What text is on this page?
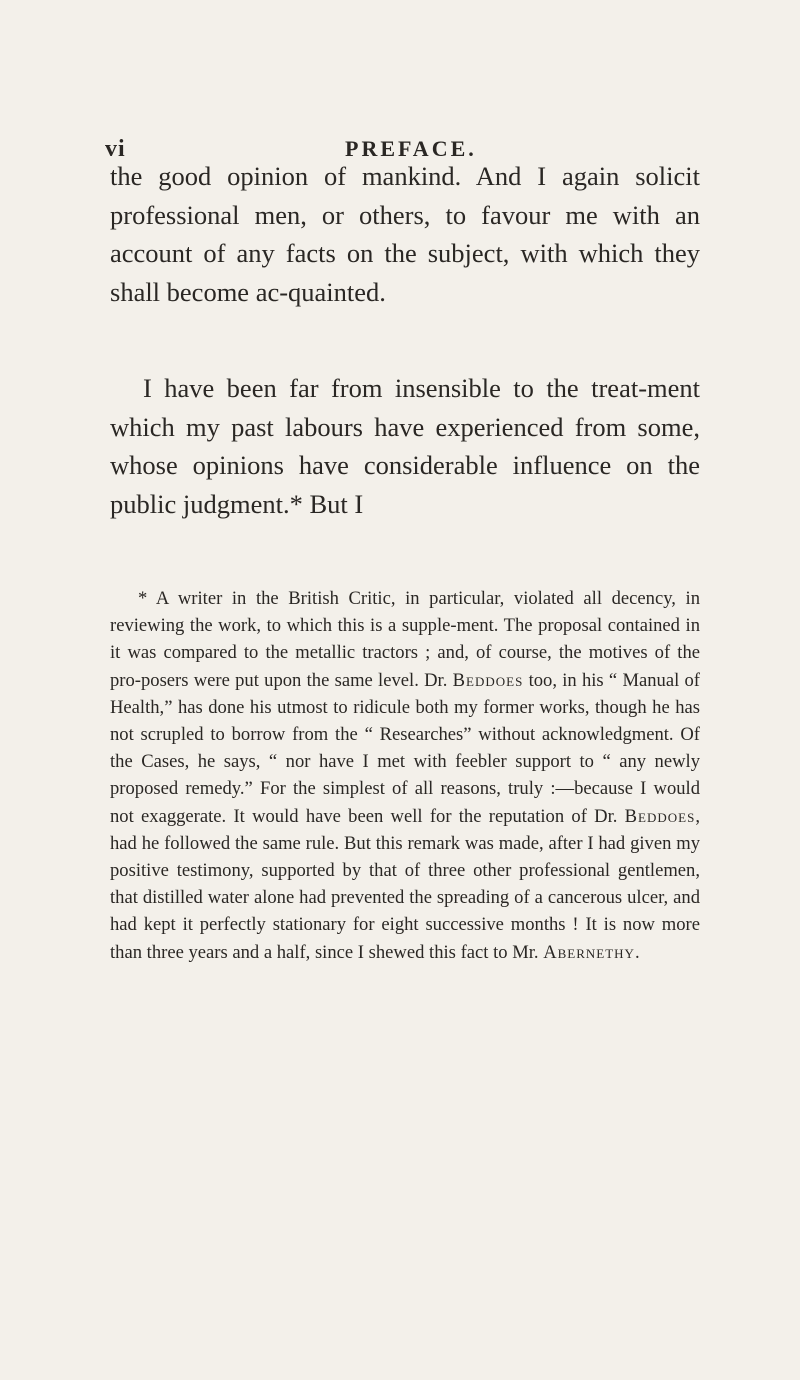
vi	PREFACE.

the good opinion of mankind. And I again solicit professional men, or others, to favour me with an account of any facts on the subject, with which they shall become ac-quainted.

I have been far from insensible to the treat-ment which my past labours have experienced from some, whose opinions have considerable influence on the public judgment.* But I

* A writer in the British Critic, in particular, violated all decency, in reviewing the work, to which this is a supple-ment. The proposal contained in it was compared to the metallic tractors ; and, of course, the motives of the pro-posers were put upon the same level. Dr. Beddoes too, in his “ Manual of Health,” has done his utmost to ridicule both my former works, though he has not scrupled to borrow from the “ Researches” without acknowledgment. Of the Cases, he says, “ nor have I met with feebler support to “ any newly proposed remedy.” For the simplest of all reasons, truly :—because I would not exaggerate. It would have been well for the reputation of Dr. Beddoes, had he followed the same rule. But this remark was made, after I had given my positive testimony, supported by that of three other professional gentlemen, that distilled water alone had prevented the spreading of a cancerous ulcer, and had kept it perfectly stationary for eight successive months ! It is now more than three years and a half, since I shewed this fact to Mr. Abernethy.
